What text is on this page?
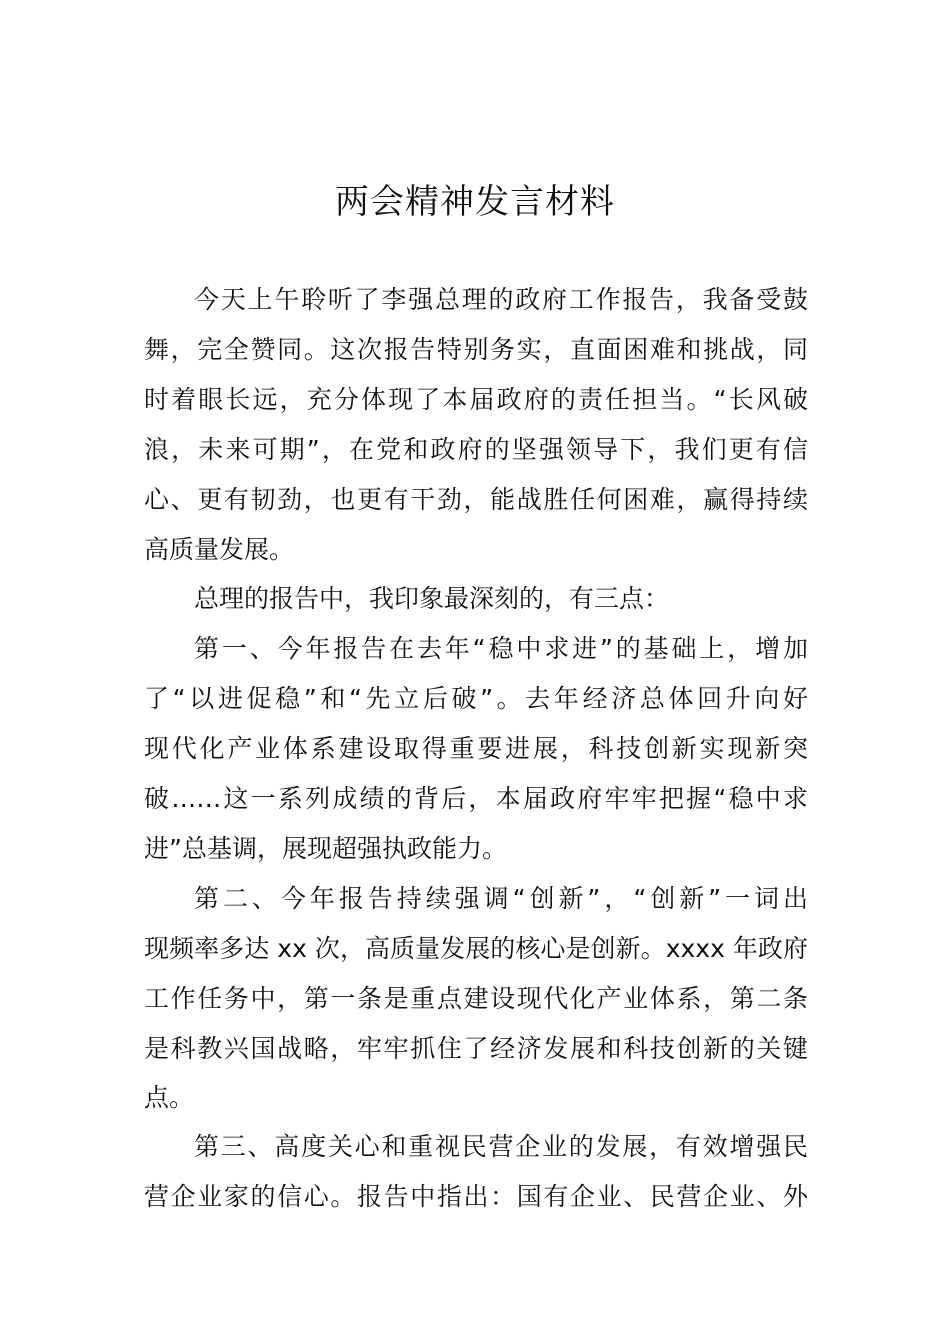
两会精神发言材料

今天上午聆听了李强总理的政府工作报告，我备受鼓

舞，完全赞同。这次报告特别务实，直面困难和挑战，同

时着眼长远，充分体现了本届政府的责任担当。“长风破

浪，未来可期”，在党和政府的坚强领导下，我们更有信

心、更有韧劲，也更有干劲，能战胜任何困难，赢得持续

高质量发展。

总理的报告中，我印象最深刻的，有三点：

第一、今年报告在去年“稳中求进”的基础上，增加

了“以进促稳”和“先立后破”。去年经济总体回升向好

现代化产业体系建设取得重要进展，科技创新实现新突

破……这一系列成绩的背后，本届政府牢牢把握“稳中求

进”总基调，展现超强执政能力。

第二、今年报告持续强调“创新”，“创新”一词出

现频率多达 xx 次，高质量发展的核心是创新。xxxx 年政府

工作任务中，第一条是重点建设现代化产业体系，第二条

是科教兴国战略，牢牢抓住了经济发展和科技创新的关键

点。

第三、高度关心和重视民营企业的发展，有效增强民

营企业家的信心。报告中指出：国有企业、民营企业、外
